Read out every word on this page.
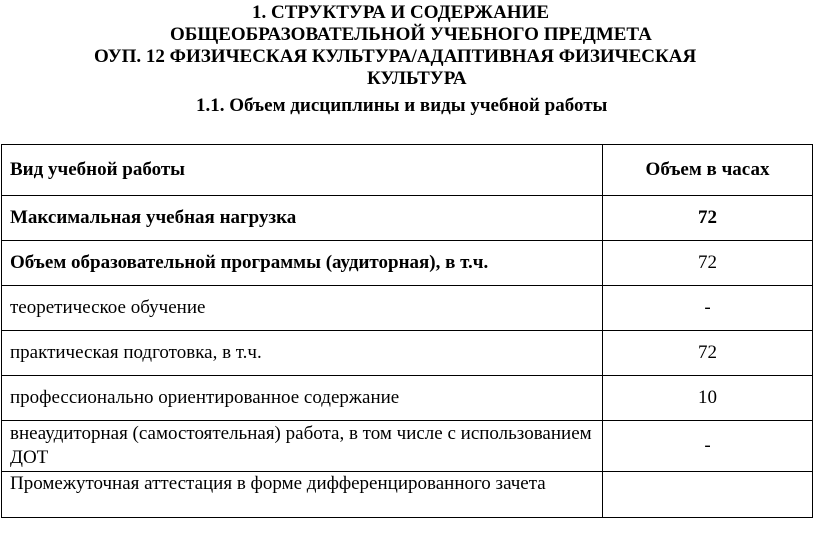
1. СТРУКТУРА И СОДЕРЖАНИЕ
ОБЩЕОБРАЗОВАТЕЛЬНОЙ УЧЕБНОГО ПРЕДМЕТА
ОУП. 12 ФИЗИЧЕСКАЯ КУЛЬТУРА/АДАПТИВНАЯ ФИЗИЧЕСКАЯ
КУЛЬТУРА
1.1. Объем дисциплины и виды учебной работы
Вид учебной работы	Объем в часах
Максимальная учебная нагрузка	72
Объем образовательной программы (аудиторная), в т.ч.	72
теоретическое обучение	-
практическая подготовка, в т.ч.	72
профессионально ориентированное содержание	10
внеаудиторная (самостоятельная) работа, в том числе с использованием ДОТ	-
Промежуточная аттестация в форме дифференцированного зачета	
